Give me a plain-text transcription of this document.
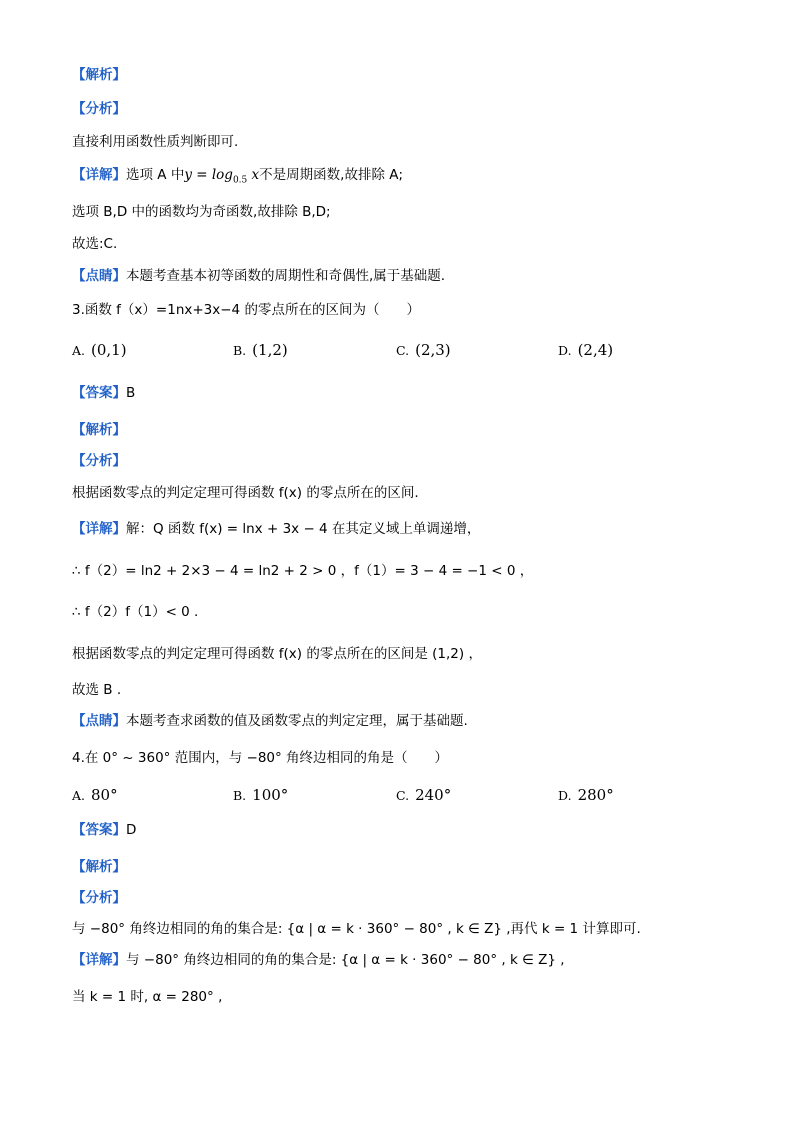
【解析】
【分析】
直接利用函数性质判断即可.
【详解】选项 A 中$y = \log_{0.5} x$不是周期函数,故排除 A;
选项 B,D 中的函数均为奇函数,故排除 B,D;
故选:C.
【点睛】本题考查基本初等函数的周期性和奇偶性,属于基础题.
3.函数 f（x）=1nx+3x−4 的零点所在的区间为（　　）
A. (0,1)	B. (1,2)	C. (2,3)	D. (2,4)
【答案】B
【解析】
【分析】
根据函数零点的判定定理可得函数 f(x) 的零点所在的区间.
【详解】解：Q 函数 f(x) = lnx + 3x − 4 在其定义域上单调递增，
∴ f（2）= ln2 + 2×3 − 4 = ln2 + 2 > 0 ，f（1）= 3 − 4 = −1 < 0 ，
∴ f（2）f（1）< 0 .
根据函数零点的判定定理可得函数 f(x) 的零点所在的区间是 (1,2) ，
故选 B .
【点睛】本题考查求函数的值及函数零点的判定定理，属于基础题.
4.在 0° ~ 360° 范围内，与 −80° 角终边相同的角是（　　）
A. 80°	B. 100°	C. 240°	D. 280°
【答案】D
【解析】
【分析】
与 −80° 角终边相同的角的集合是: {α | α = k · 360° − 80° , k ∈ Z} ,再代 k = 1 计算即可.
【详解】与 −80° 角终边相同的角的集合是: {α | α = k · 360° − 80° , k ∈ Z} ,
当 k = 1 时, α = 280° ,
